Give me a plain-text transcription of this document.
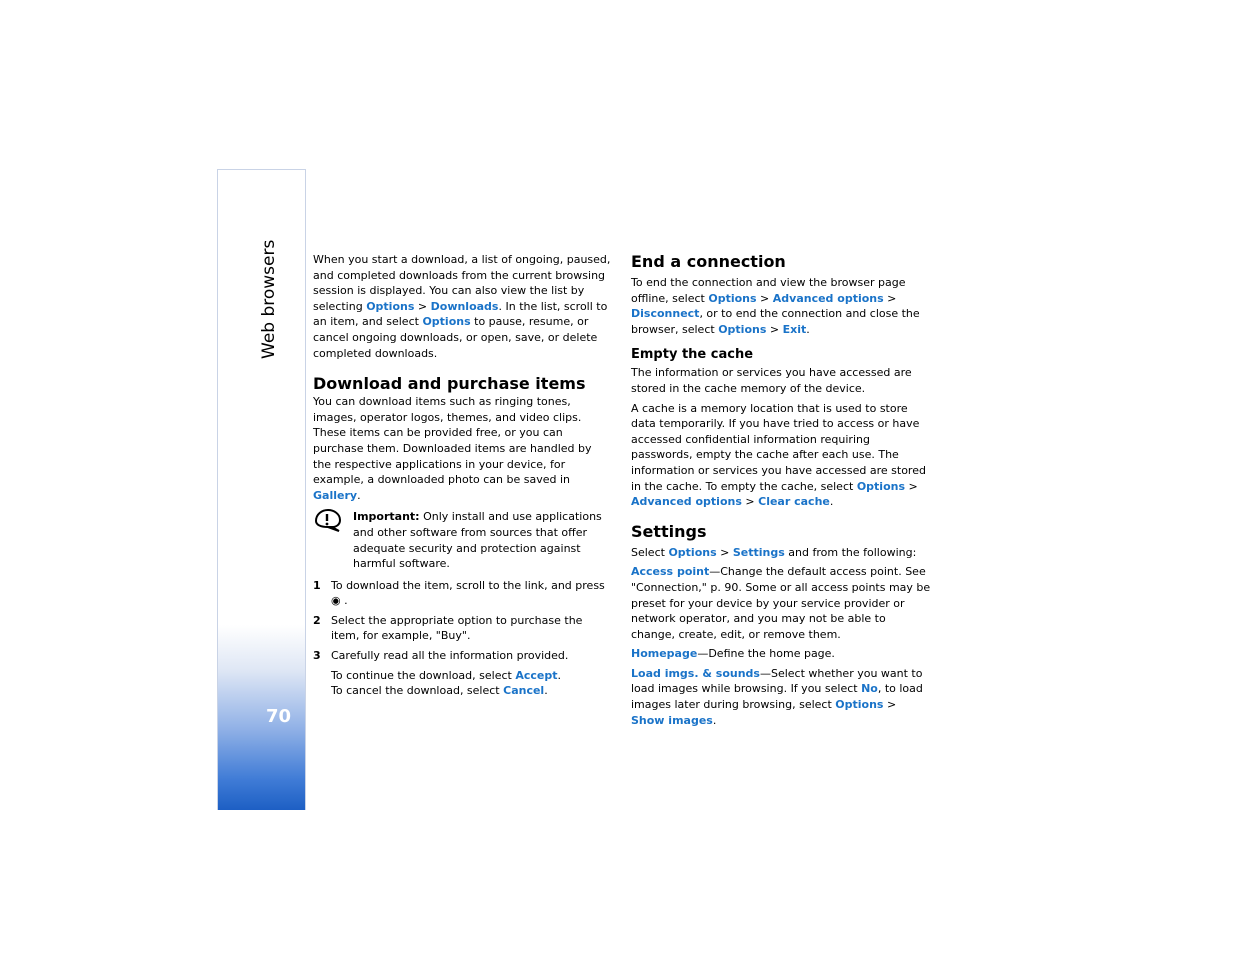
Web browsers
70

When you start a download, a list of ongoing, paused, and completed downloads from the current browsing session is displayed. You can also view the list by selecting Options > Downloads. In the list, scroll to an item, and select Options to pause, resume, or cancel ongoing downloads, or open, save, or delete completed downloads.

Download and purchase items

You can download items such as ringing tones, images, operator logos, themes, and video clips. These items can be provided free, or you can purchase them. Downloaded items are handled by the respective applications in your device, for example, a downloaded photo can be saved in Gallery.

Important: Only install and use applications and other software from sources that offer adequate security and protection against harmful software.

1 To download the item, scroll to the link, and press ◉ .
2 Select the appropriate option to purchase the item, for example, "Buy".
3 Carefully read all the information provided.

To continue the download, select Accept.

To cancel the download, select Cancel.

End a connection

To end the connection and view the browser page offline, select Options > Advanced options > Disconnect, or to end the connection and close the browser, select Options > Exit.

Empty the cache

The information or services you have accessed are stored in the cache memory of the device.

A cache is a memory location that is used to store data temporarily. If you have tried to access or have accessed confidential information requiring passwords, empty the cache after each use. The information or services you have accessed are stored in the cache. To empty the cache, select Options > Advanced options > Clear cache.

Settings

Select Options > Settings and from the following:

Access point—Change the default access point. See "Connection," p. 90. Some or all access points may be preset for your device by your service provider or network operator, and you may not be able to change, create, edit, or remove them.

Homepage—Define the home page.

Load imgs. & sounds—Select whether you want to load images while browsing. If you select No, to load images later during browsing, select Options > Show images.
